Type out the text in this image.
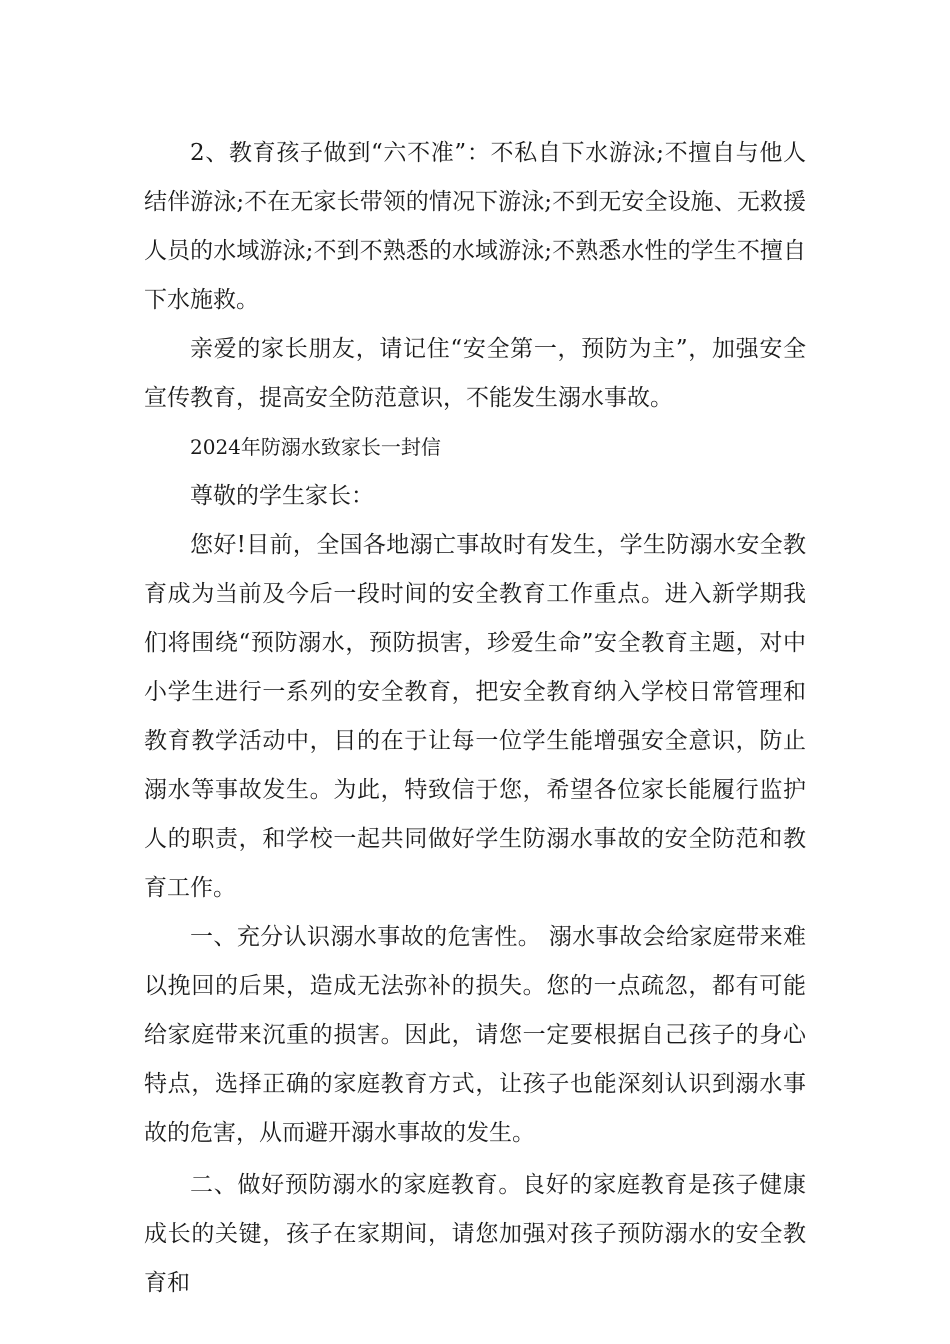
2、教育孩子做到“六不准”：不私自下水游泳;不擅自与他人结伴游泳;不在无家长带领的情况下游泳;不到无安全设施、无救援人员的水域游泳;不到不熟悉的水域游泳;不熟悉水性的学生不擅自下水施救。

亲爱的家长朋友，请记住“安全第一，预防为主”，加强安全宣传教育，提高安全防范意识，不能发生溺水事故。

2024年防溺水致家长一封信

尊敬的学生家长：

您好!目前，全国各地溺亡事故时有发生，学生防溺水安全教育成为当前及今后一段时间的安全教育工作重点。进入新学期我们将围绕“预防溺水，预防损害，珍爱生命”安全教育主题，对中小学生进行一系列的安全教育，把安全教育纳入学校日常管理和教育教学活动中，目的在于让每一位学生能增强安全意识，防止溺水等事故发生。为此，特致信于您，希望各位家长能履行监护人的职责，和学校一起共同做好学生防溺水事故的安全防范和教育工作。

一、充分认识溺水事故的危害性。 溺水事故会给家庭带来难以挽回的后果，造成无法弥补的损失。您的一点疏忽，都有可能给家庭带来沉重的损害。因此，请您一定要根据自己孩子的身心特点，选择正确的家庭教育方式，让孩子也能深刻认识到溺水事故的危害，从而避开溺水事故的发生。

二、做好预防溺水的家庭教育。良好的家庭教育是孩子健康成长的关键，孩子在家期间，请您加强对孩子预防溺水的安全教育和
